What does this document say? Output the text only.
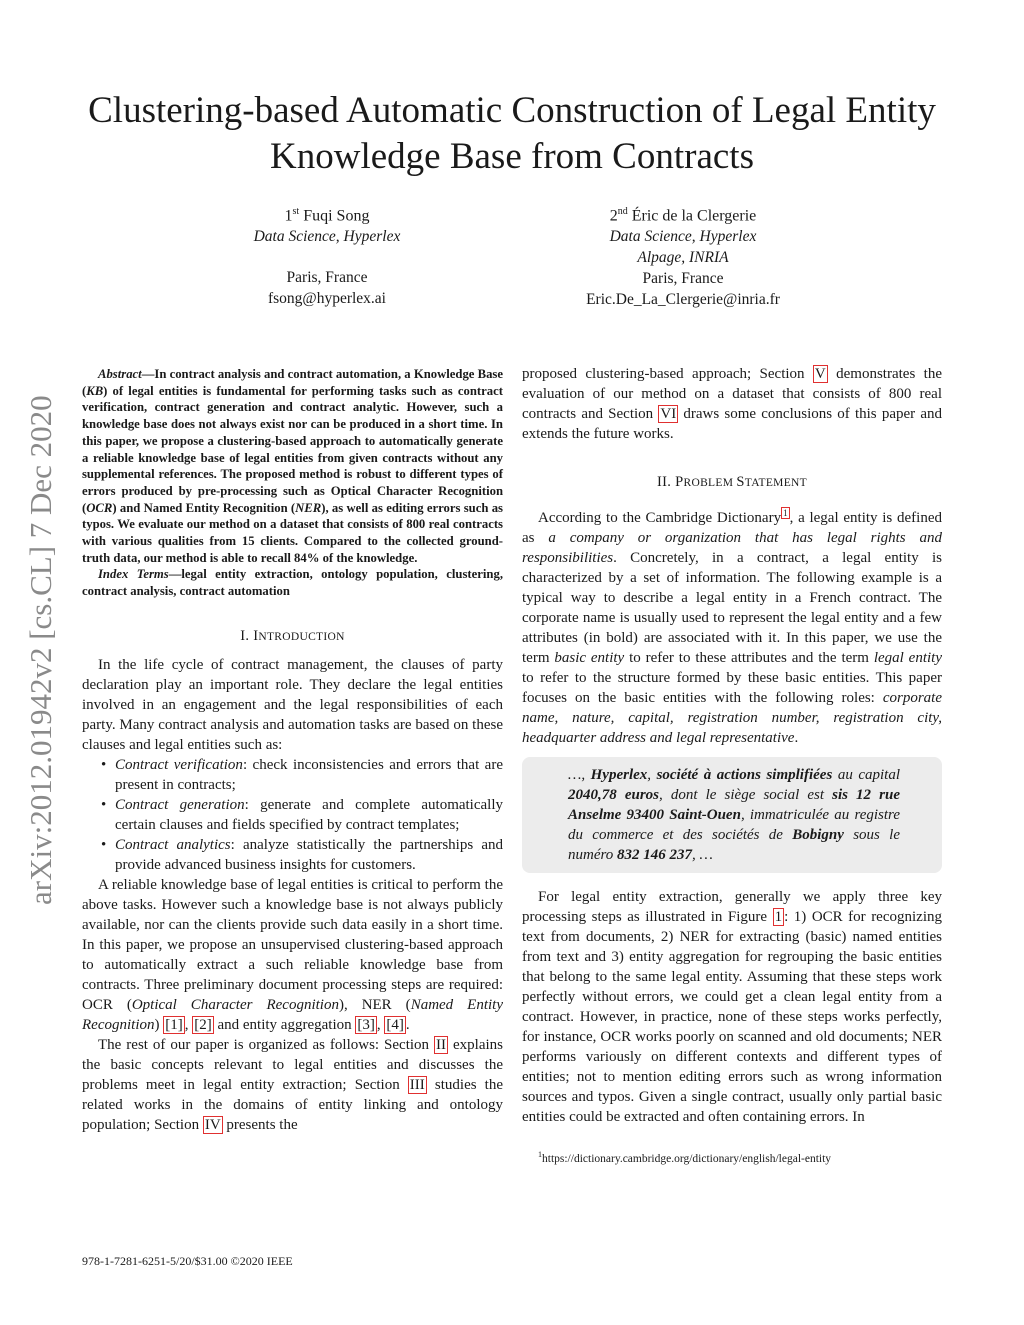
arXiv:2012.01942v2 [cs.CL] 7 Dec 2020
Clustering-based Automatic Construction of Legal Entity Knowledge Base from Contracts
1st Fuqi Song
Data Science, Hyperlex
Paris, France
fsong@hyperlex.ai
2nd Éric de la Clergerie
Data Science, Hyperlex
Alpage, INRIA
Paris, France
Eric.De_La_Clergerie@inria.fr

Abstract—In contract analysis and contract automation, a Knowledge Base (KB) of legal entities is fundamental for performing tasks such as contract verification, contract generation and contract analytic. However, such a knowledge base does not always exist nor can be produced in a short time. In this paper, we propose a clustering-based approach to automatically generate a reliable knowledge base of legal entities from given contracts without any supplemental references. The proposed method is robust to different types of errors produced by pre-processing such as Optical Character Recognition (OCR) and Named Entity Recognition (NER), as well as editing errors such as typos. We evaluate our method on a dataset that consists of 800 real contracts with various qualities from 15 clients. Compared to the collected ground-truth data, our method is able to recall 84% of the knowledge.

Index Terms—legal entity extraction, ontology population, clustering, contract analysis, contract automation

I. INTRODUCTION

In the life cycle of contract management, the clauses of party declaration play an important role. They declare the legal entities involved in an engagement and the legal responsibilities of each party. Many contract analysis and automation tasks are based on these clauses and legal entities such as:

• Contract verification: check inconsistencies and errors that are present in contracts;
• Contract generation: generate and complete automatically certain clauses and fields specified by contract templates;
• Contract analytics: analyze statistically the partnerships and provide advanced business insights for customers.

A reliable knowledge base of legal entities is critical to perform the above tasks. However such a knowledge base is not always publicly available, nor can the clients provide such data easily in a short time. In this paper, we propose an unsupervised clustering-based approach to automatically extract a such reliable knowledge base from contracts. Three preliminary document processing steps are required: OCR (Optical Character Recognition), NER (Named Entity Recognition) [1] , [2] and entity aggregation [3] , [4] .

The rest of our paper is organized as follows: Section II explains the basic concepts relevant to legal entities and discusses the problems meet in legal entity extraction; Section III studies the related works in the domains of entity linking and ontology population; Section IV presents the

proposed clustering-based approach; Section V demonstrates the evaluation of our method on a dataset that consists of 800 real contracts and Section VI draws some conclusions of this paper and extends the future works.

II. PROBLEM STATEMENT

According to the Cambridge Dictionary $^1$ , a legal entity is defined as a company or organization that has legal rights and responsibilities. Concretely, in a contract, a legal entity is characterized by a set of information. The following example is a typical way to describe a legal entity in a French contract. The corporate name is usually used to represent the legal entity and a few attributes (in bold) are associated with it. In this paper, we use the term basic entity to refer to these attributes and the term legal entity to refer to the structure formed by these basic entities. This paper focuses on the basic entities with the following roles: corporate name, nature, capital, registration number, registration city, headquarter address and legal representative.

…, Hyperlex, société à actions simplifiées au capital 2040,78 euros, dont le siège social est sis 12 rue Anselme 93400 Saint-Ouen, immatriculée au registre du commerce et des sociétés de Bobigny sous le numéro 832 146 237, …

For legal entity extraction, generally we apply three key processing steps as illustrated in Figure 1 : 1) OCR for recognizing text from documents, 2) NER for extracting (basic) named entities from text and 3) entity aggregation for regrouping the basic entities that belong to the same legal entity. Assuming that these steps work perfectly without errors, we could get a clean legal entity from a contract. However, in practice, none of these steps works perfectly, for instance, OCR works poorly on scanned and old documents; NER performs variously on different contexts and different types of entities; not to mention editing errors such as wrong information sources and typos. Given a single contract, usually only partial basic entities could be extracted and often containing errors. In

$^1$https://dictionary.cambridge.org/dictionary/english/legal-entity
978-1-7281-6251-5/20/$31.00 ©2020 IEEE
